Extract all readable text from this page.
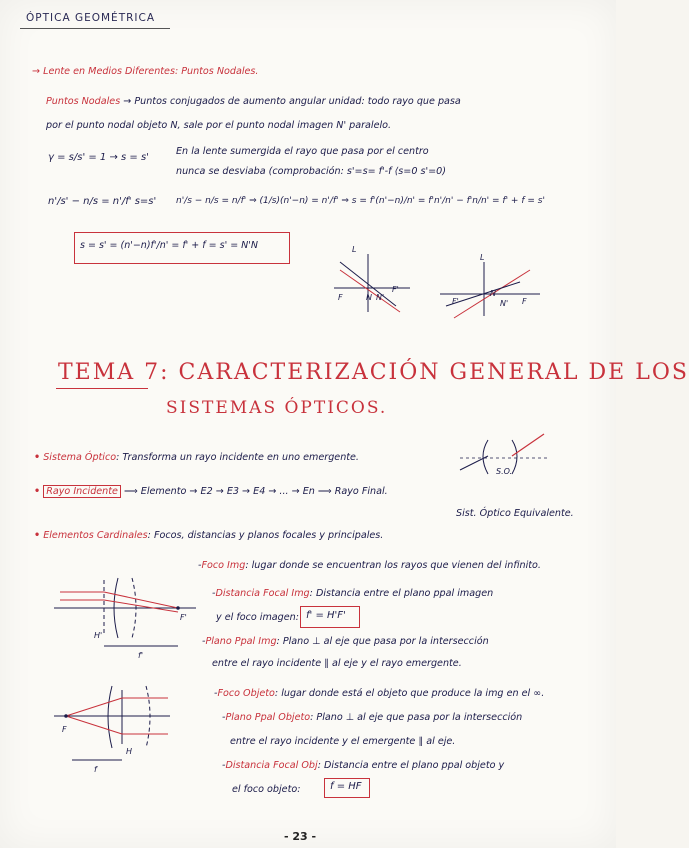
ÓPTICA GEOMÉTRICA
→ Lente en Medios Diferentes: Puntos Nodales.
Puntos Nodales → Puntos conjugados de aumento angular unidad: todo rayo que pasa
por el punto nodal objeto N, sale por el punto nodal imagen N' paralelo.
γ = s/s' = 1 → s = s'
En la lente sumergida el rayo que pasa por el centro
nunca se desviaba (comprobación: s'=s= f'-f ⟨s=0 s'=0)
n'/s' − n/s = n'/f' s=s' n'/s − n/s = n/f' ⇒ (1/s)(n'−n) = n'/f' ⇒ s = f'(n'−n)/n' = f'n'/n' − f'n/n' = f' + f = s'
s = s' = (n'−n)f'/n' = f' + f = s' = N'N	L
F	N N'
F'
L
F'
N
N' F
TEMA 7: CARACTERIZACIÓN GENERAL DE LOS
SISTEMAS ÓPTICOS.
• Sistema Óptico: Transforma un rayo incidente en uno emergente.
S.O.
• Rayo Incidente ⟹ Elemento → E2 → E3 → E4 → ... → En ⟹ Rayo Final.
Sist. Óptico Equivalente.
• Elementos Cardinales: Focos, distancias y planos focales y principales.
-Foco Img: lugar donde se encuentran los rayos que vienen del infinito.
-Distancia Focal Img: Distancia entre el plano ppal imagen
y el foco imagen: f' = H'F'
-Plano Ppal Img: Plano ⊥ al eje que pasa por la intersección
entre el rayo incidente ∥ al eje y el rayo emergente.
H'
F'
f'
-Foco Objeto: lugar donde está el objeto que produce la img en el ∞.
-Plano Ppal Objeto: Plano ⊥ al eje que pasa por la intersección
entre el rayo incidente y el emergente ∥ al eje.
-Distancia Focal Obj: Distancia entre el plano ppal objeto y
el foco objeto:	f = HF
F
H
f
- 23 -
